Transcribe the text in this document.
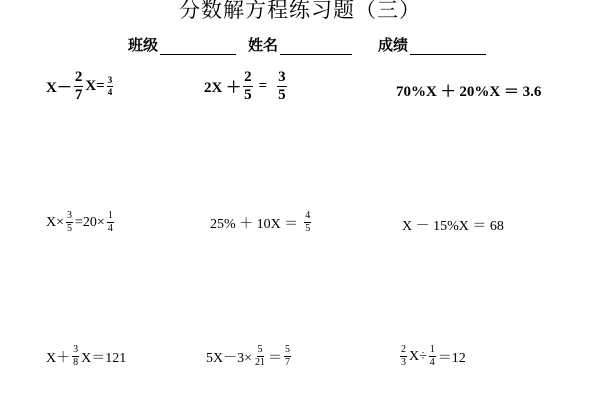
分数解方程练习题（三）
班级	姓名	成绩
$X- \frac{2}{7} X= \frac{3}{4}$	$2X + \frac{2}{5} = \frac{3}{5}$	70%X ＋ 20%X ＝ 3.6
$X\times \frac{3}{5} =20\times \frac{1}{4}$	$25\% + 10X = \frac{4}{5}$	X － 15%X ＝ 68
$X+ \frac{3}{8} X=121$	$5X-3\times \frac{5}{21} = \frac{5}{7}$	$\frac{2}{3} X\div \frac{1}{4} =12$
